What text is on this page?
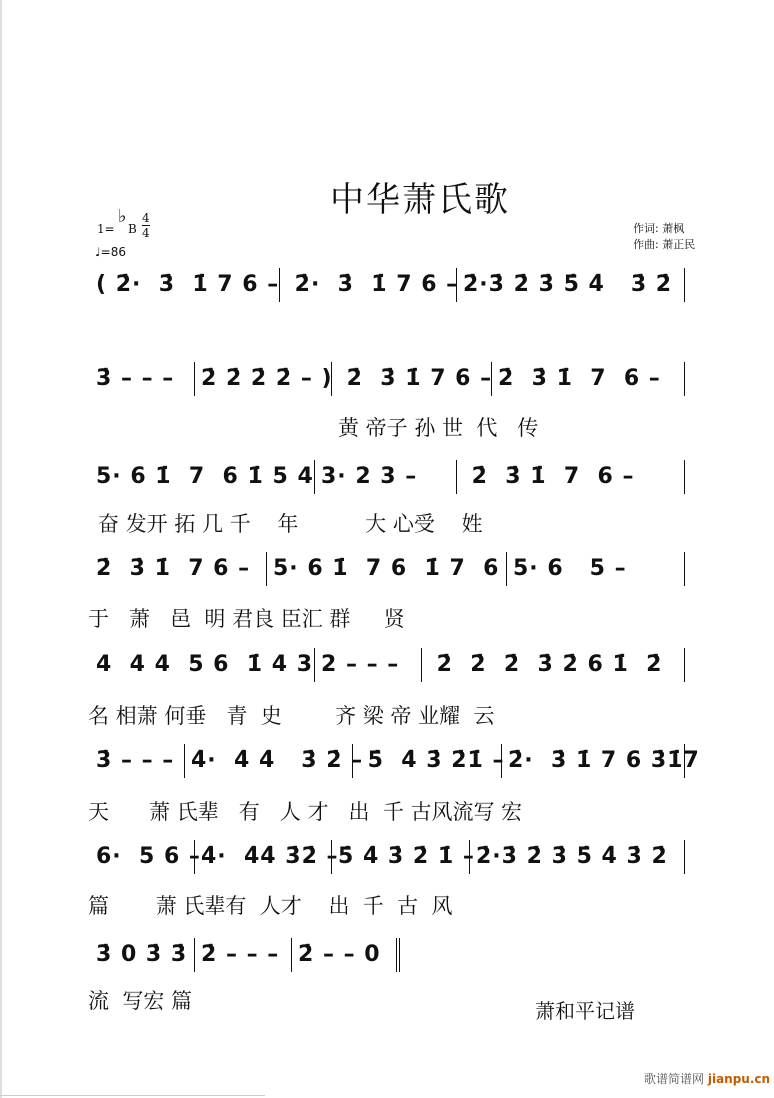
中华萧氏歌
1=
♭
B
4
4
♩=86
作词: 萧枫
作曲: 萧正民
( 2̇·  3̇  1̇ 7 6 – 2̇·  3̇  1̇ 7 6 – 2̇·3̇ 2̇ 3̇ 5̇ 4̇   3̇ 2̇
3̇ – – –	2̇ 2̇ 2̇ 2̇ – ) 2̇  3̇ 1̇ 7 6 – 2̇  3̇ 1̇  7  6 –
黄 帝子 孙 世  代   传
5· 6 1̇  7  6 1̇ 5 4 3· 2 3 –	2̇  3̇ 1̇  7  6 –
奋 发开 拓 几 千    年          大 心受    姓
2̇  3̇ 1̇  7 6 –	5· 6 1̇  7 6  1̇ 7  6 5· 6   5 –
于   萧   邑  明 君良 臣汇 群     贤
4  4 4  5 6  1̇ 4 3 2 – – –	2̇  2̇  2̇  3̇ 2̇ 6 1̇  2̇
名 相萧 何垂   青  史        齐 梁 帝 业耀  云
3̇ – – – 4̇·  4̇ 4̇   3̇ 2̇ –
5̇  4̇ 3̇ 2̇1̇ – 2̇·  3̇ 1̇ 7 6 3̇1̇7
天      萧 氏辈   有   人 才   出  千 古风流写 宏
6·  5 6 – 4̇·  4̇4̇ 3̇2̇ – 5̇ 4̇ 3̇ 2̇ 1̇ – 2̇·3̇ 2̇ 3̇ 5̇ 4̇ 3̇ 2̇
篇       萧 氏辈有  人才    出  千  古  风
3̇ 0 3̇ 3̇ 2̇ – – – 2̇ – – 0
流  写宏 篇	萧和平记谱
歌谱简谱网 jianpu.cn
